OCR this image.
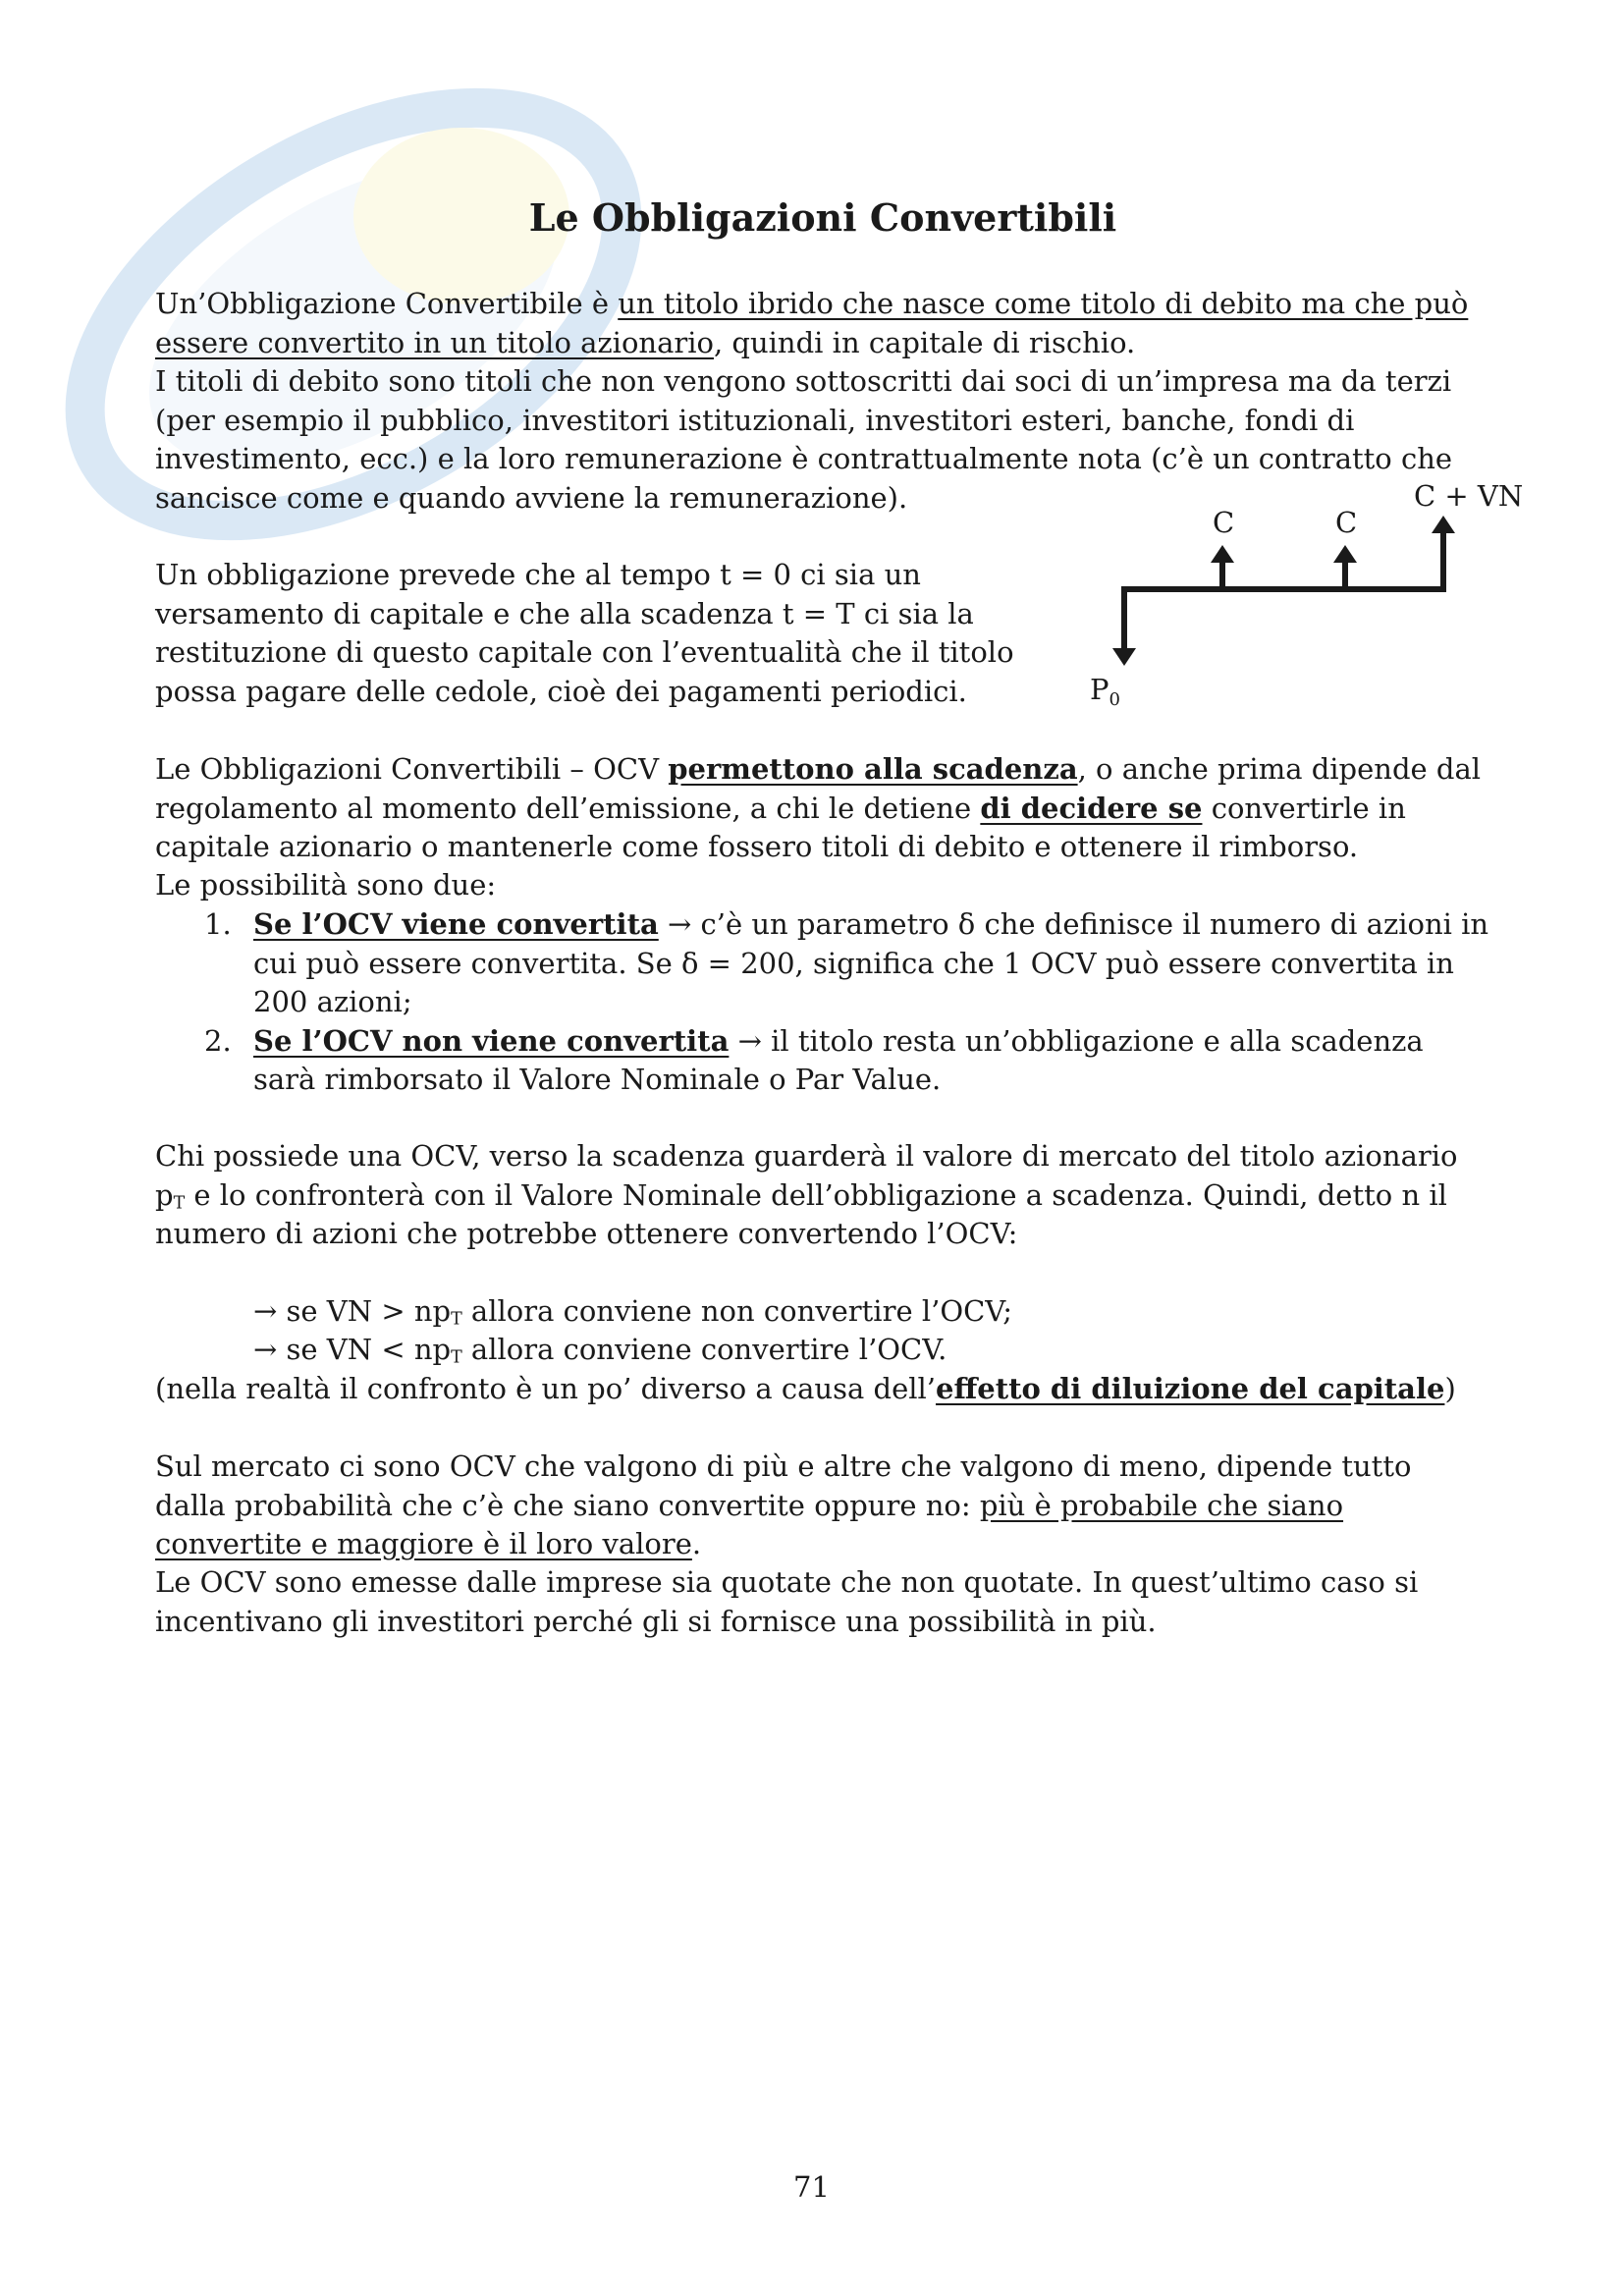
Le Obbligazioni Convertibili
Un’Obbligazione Convertibile è un titolo ibrido che nasce come titolo di debito ma che può essere convertito in un titolo azionario, quindi in capitale di rischio.
I titoli di debito sono titoli che non vengono sottoscritti dai soci di un’impresa ma da terzi (per esempio il pubblico, investitori istituzionali, investitori esteri, banche, fondi di investimento, ecc.) e la loro remunerazione è contrattualmente nota (c’è un contratto che sancisce come e quando avviene la remunerazione).
Un obbligazione prevede che al tempo t = 0 ci sia un versamento di capitale e che alla scadenza t = T ci sia la restituzione di questo capitale con l’eventualità che il titolo possa pagare delle cedole, cioè dei pagamenti periodici.
Le Obbligazioni Convertibili – OCV permettono alla scadenza, o anche prima dipende dal regolamento al momento dell’emissione, a chi le detiene di decidere se convertirle in capitale azionario o mantenerle come fossero titoli di debito e ottenere il rimborso.
Le possibilità sono due:
1. Se l’OCV viene convertita → c’è un parametro δ che definisce il numero di azioni in cui può essere convertita. Se δ = 200, significa che 1 OCV può essere convertita in 200 azioni;
2. Se l’OCV non viene convertita → il titolo resta un’obbligazione e alla scadenza sarà rimborsato il Valore Nominale o Par Value.
Chi possiede una OCV, verso la scadenza guarderà il valore di mercato del titolo azionario $p_T$ e lo confronterà con il Valore Nominale dell’obbligazione a scadenza. Quindi, detto n il numero di azioni che potrebbe ottenere convertendo l’OCV:
→ se VN > $np_T$ allora conviene non convertire l’OCV;
→ se VN < $np_T$ allora conviene convertire l’OCV.
(nella realtà il confronto è un po’ diverso a causa dell’effetto di diluizione del capitale)
Sul mercato ci sono OCV che valgono di più e altre che valgono di meno, dipende tutto dalla probabilità che c’è che siano convertite oppure no: più è probabile che siano convertite e maggiore è il loro valore.
Le OCV sono emesse dalle imprese sia quotate che non quotate. In quest’ultimo caso si incentivano gli investitori perché gli si fornisce una possibilità in più.
C	C
C + VN
$P_0$
71
